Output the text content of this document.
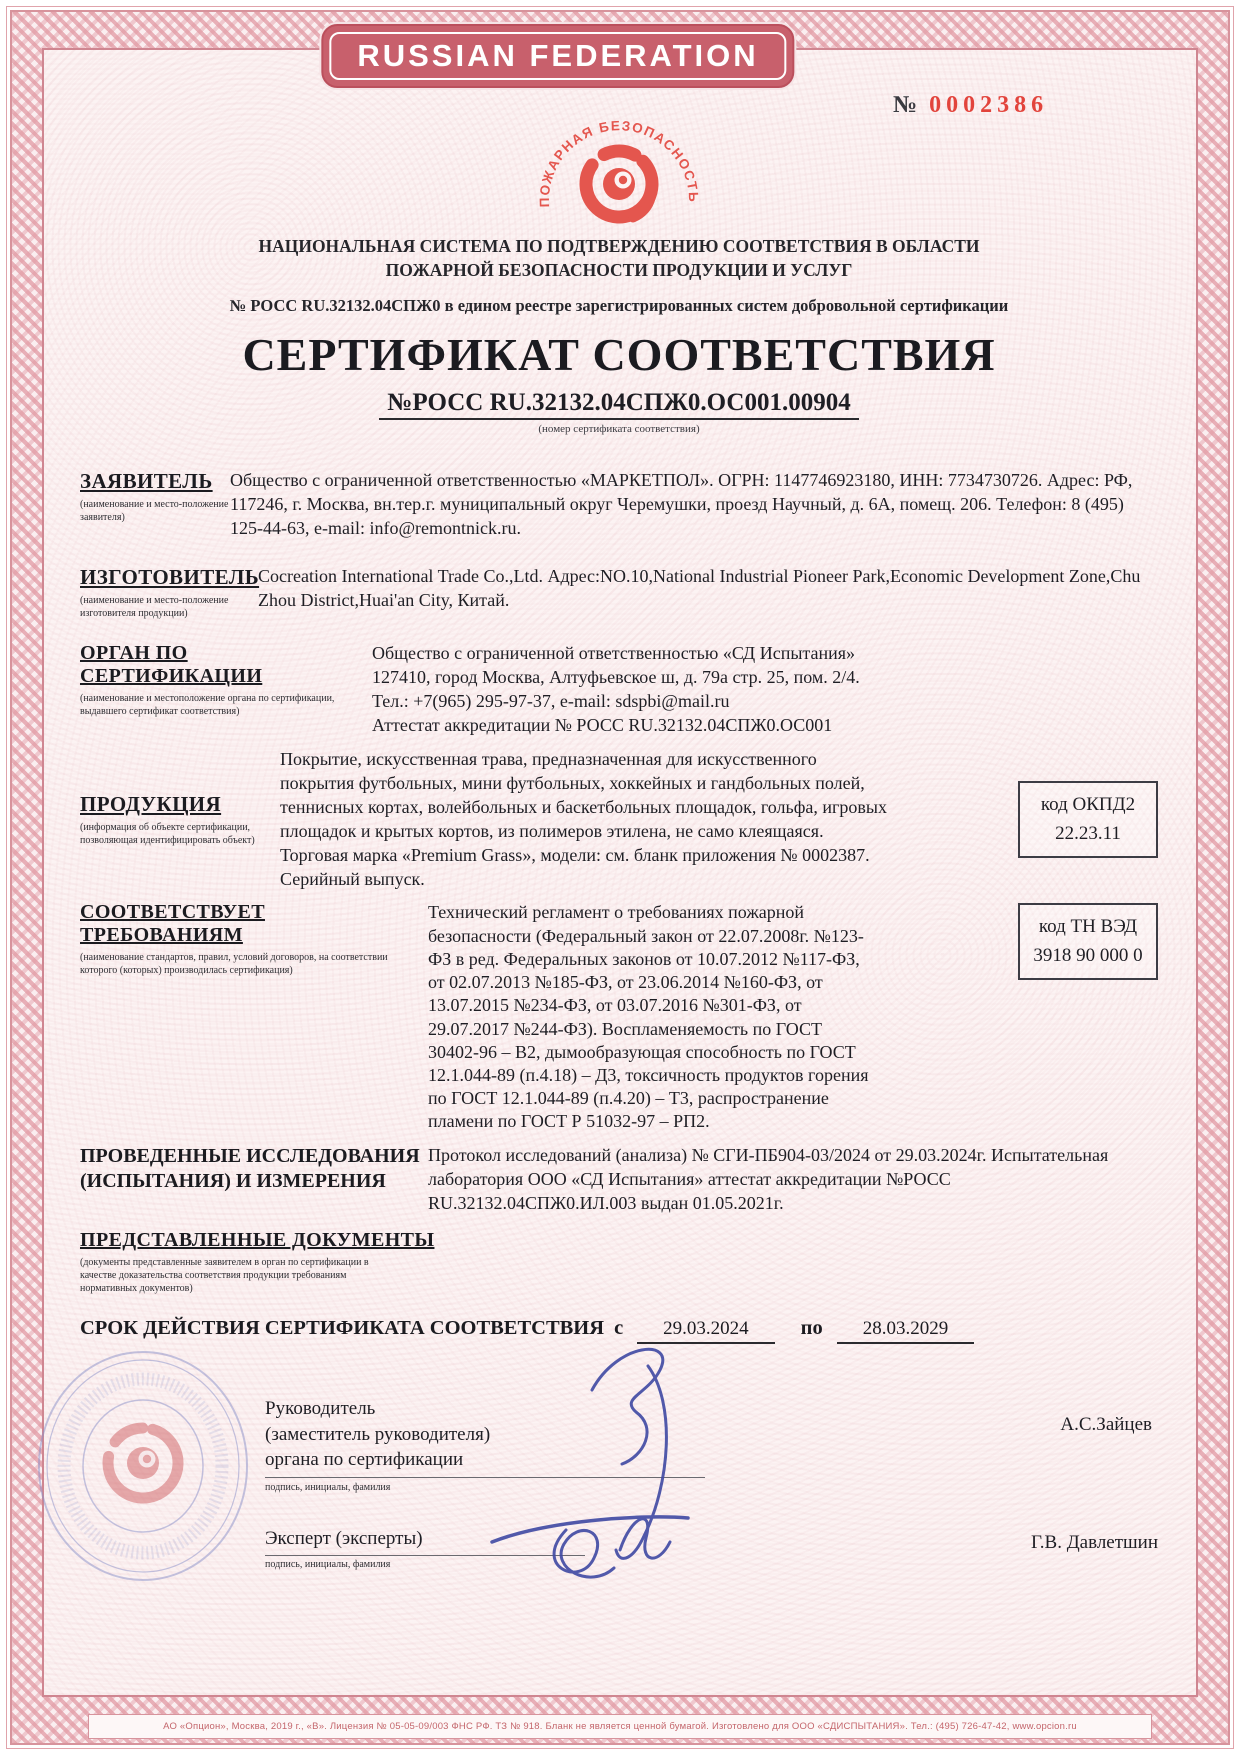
RUSSIAN FEDERATION
№ 0002386
ПОЖАРНАЯ БЕЗОПАСНОСТЬ
НАЦИОНАЛЬНАЯ СИСТЕМА ПО ПОДТВЕРЖДЕНИЮ СООТВЕТСТВИЯ В ОБЛАСТИ
ПОЖАРНОЙ БЕЗОПАСНОСТИ ПРОДУКЦИИ И УСЛУГ
№ РОСС RU.32132.04СПЖ0 в едином реестре зарегистрированных систем добровольной сертификации
СЕРТИФИКАТ СООТВЕТСТВИЯ
№РОСС RU.32132.04СПЖ0.ОС001.00904
(номер сертификата соответствия)
ЗАЯВИТЕЛЬ
(наименование и место-положение заявителя)
Общество с ограниченной ответственностью «МАРКЕТПОЛ». ОГРН: 1147746923180, ИНН: 7734730726. Адрес: РФ, 117246, г. Москва, вн.тер.г. муниципальный округ Черемушки, проезд Научный, д. 6А, помещ. 206. Телефон: 8 (495) 125-44-63, e-mail: info@remontnick.ru.
ИЗГОТОВИТЕЛЬ
(наименование и место-положение изготовителя продукции)
Cocreation International Trade Co.,Ltd. Адрес:NO.10,National Industrial Pioneer Park,Economic Development Zone,Chu Zhou District,Huai'an City, Китай.
ОРГАН ПО СЕРТИФИКАЦИИ
(наименование и местоположение органа по сертификации, выдавшего сертификат соответствия)
Общество с ограниченной ответственностью «СД Испытания»
127410, город Москва, Алтуфьевское ш, д. 79а стр. 25, пом. 2/4.
Тел.: +7(965) 295-97-37, e-mail: sdspbi@mail.ru
Аттестат аккредитации № РОСС RU.32132.04СПЖ0.ОС001
ПРОДУКЦИЯ
(информация об объекте сертификации, позволяющая идентифицировать объект)
Покрытие, искусственная трава, предназначенная для искусственного покрытия футбольных, мини футбольных, хоккейных и гандбольных полей, теннисных кортах, волейбольных и баскетбольных площадок, гольфа, игровых площадок и крытых кортов, из полимеров этилена, не само клеящаяся. Торговая марка «Premium Grass», модели: см. бланк приложения № 0002387. Серийный выпуск.
код ОКПД2
22.23.11
СООТВЕТСТВУЕТ ТРЕБОВАНИЯМ
(наименование стандартов, правил, условий договоров, на соответствии которого (которых) производилась сертификация)
Технический регламент о требованиях пожарной безопасности (Федеральный закон от 22.07.2008г. №123-ФЗ в ред. Федеральных законов от 10.07.2012 №117-ФЗ, от 02.07.2013 №185-ФЗ, от 23.06.2014 №160-ФЗ, от 13.07.2015 №234-ФЗ, от 03.07.2016 №301-ФЗ, от 29.07.2017 №244-ФЗ). Воспламеняемость по ГОСТ 30402-96 – В2, дымообразующая способность по ГОСТ 12.1.044-89 (п.4.18) – Д3, токсичность продуктов горения по ГОСТ 12.1.044-89 (п.4.20) – Т3, распространение пламени по ГОСТ Р 51032-97 – РП2.
код ТН ВЭД
3918 90 000 0
ПРОВЕДЕННЫЕ ИССЛЕДОВАНИЯ
(ИСПЫТАНИЯ) И ИЗМЕРЕНИЯ
Протокол исследований (анализа) № СГИ-ПБ904-03/2024 от 29.03.2024г. Испытательная лаборатория ООО «СД Испытания» аттестат аккредитации №РОСС RU.32132.04СПЖ0.ИЛ.003 выдан 01.05.2021г.
ПРЕДСТАВЛЕННЫЕ ДОКУМЕНТЫ
(документы представленные заявителем в орган по сертификации в качестве доказательства соответствия продукции требованиям нормативных документов)
СРОК ДЕЙСТВИЯ СЕРТИФИКАТА СООТВЕТСТВИЯ с	29.03.2024	по	28.03.2029
Руководитель
(заместитель руководителя)
органа по сертификации
подпись, инициалы, фамилия
А.С.Зайцев
Эксперт (эксперты)
подпись, инициалы, фамилия
Г.В. Давлетшин
АО «Опцион», Москва, 2019 г., «В». Лицензия № 05-05-09/003 ФНС РФ. ТЗ № 918. Бланк не является ценной бумагой. Изготовлено для ООО «СДИСПЫТАНИЯ». Тел.: (495) 726-47-42, www.opcion.ru
